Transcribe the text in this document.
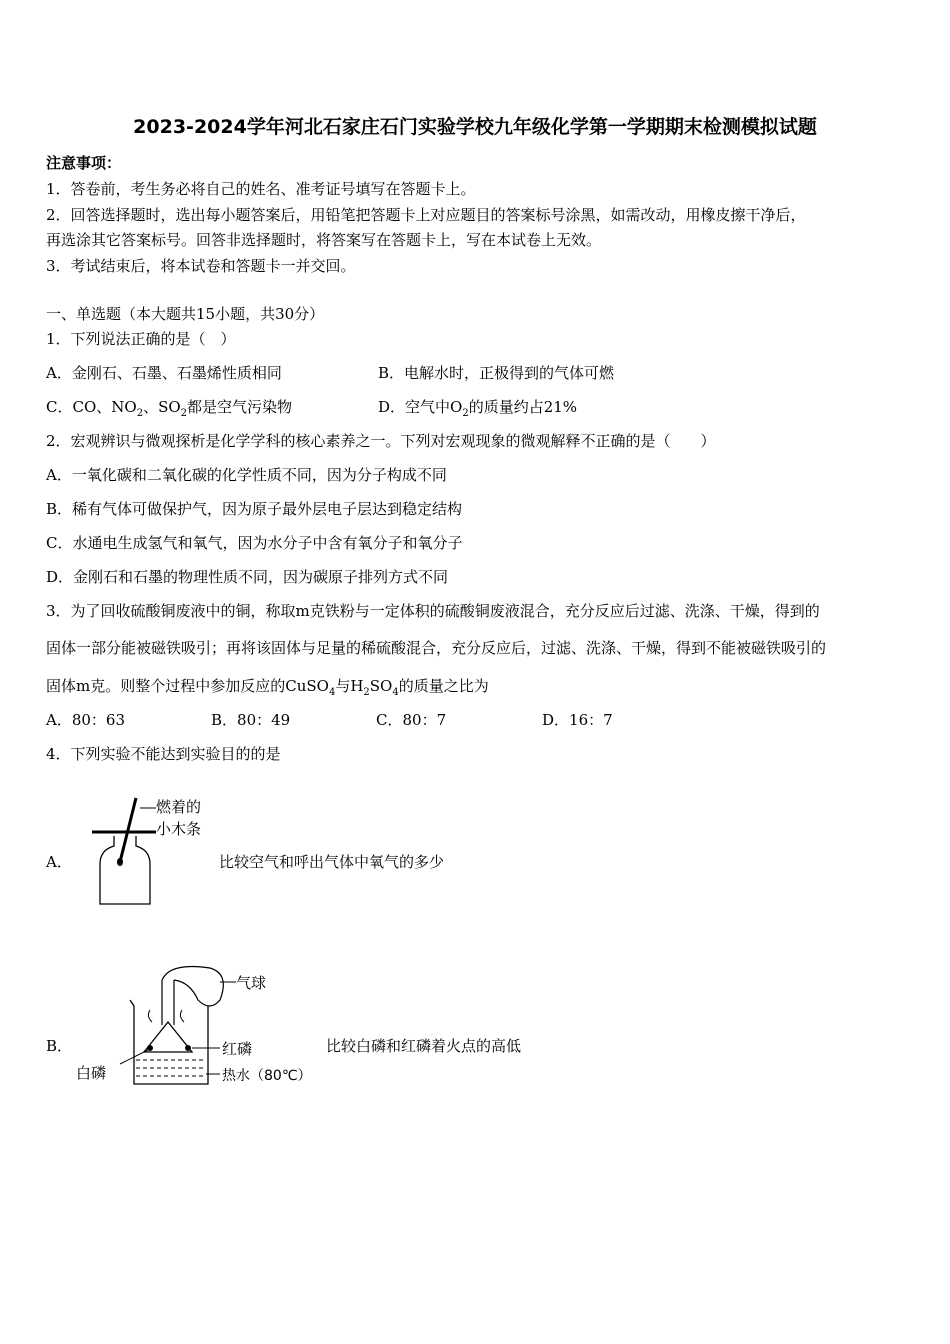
2023-2024学年河北石家庄石门实验学校九年级化学第一学期期末检测模拟试题
注意事项：
1．答卷前，考生务必将自己的姓名、准考证号填写在答题卡上。
2．回答选择题时，选出每小题答案后，用铅笔把答题卡上对应题目的答案标号涂黑，如需改动，用橡皮擦干净后，
再选涂其它答案标号。回答非选择题时，将答案写在答题卡上，写在本试卷上无效。
3．考试结束后，将本试卷和答题卡一并交回。
一、单选题（本大题共15小题，共30分）
1．下列说法正确的是（　）
A．金刚石、石墨、石墨烯性质相同	B．电解水时，正极得到的气体可燃
C．CO、$NO_2$、$SO_2$都是空气污染物	D．空气中$O_2$的质量约占21%
2．宏观辨识与微观探析是化学学科的核心素养之一。下列对宏观现象的微观解释不正确的是（　　）
A．一氧化碳和二氧化碳的化学性质不同，因为分子构成不同
B．稀有气体可做保护气，因为原子最外层电子层达到稳定结构
C．水通电生成氢气和氧气，因为水分子中含有氧分子和氧分子
D．金刚石和石墨的物理性质不同，因为碳原子排列方式不同
3．为了回收硫酸铜废液中的铜，称取m克铁粉与一定体积的硫酸铜废液混合，充分反应后过滤、洗涤、干燥，得到的
固体一部分能被磁铁吸引；再将该固体与足量的稀硫酸混合，充分反应后，过滤、洗涤、干燥，得到不能被磁铁吸引的
固体m克。则整个过程中参加反应的CuSO$_4$与$H_2SO_4$的质量之比为
A．80：63	B．80：49	C．80：7	D．16：7
4．下列实验不能达到实验目的的是
A．
燃着的
小木条
比较空气和呼出气体中氧气的多少
B．
气球
红磷
白磷	热水（80℃）
比较白磷和红磷着火点的高低
